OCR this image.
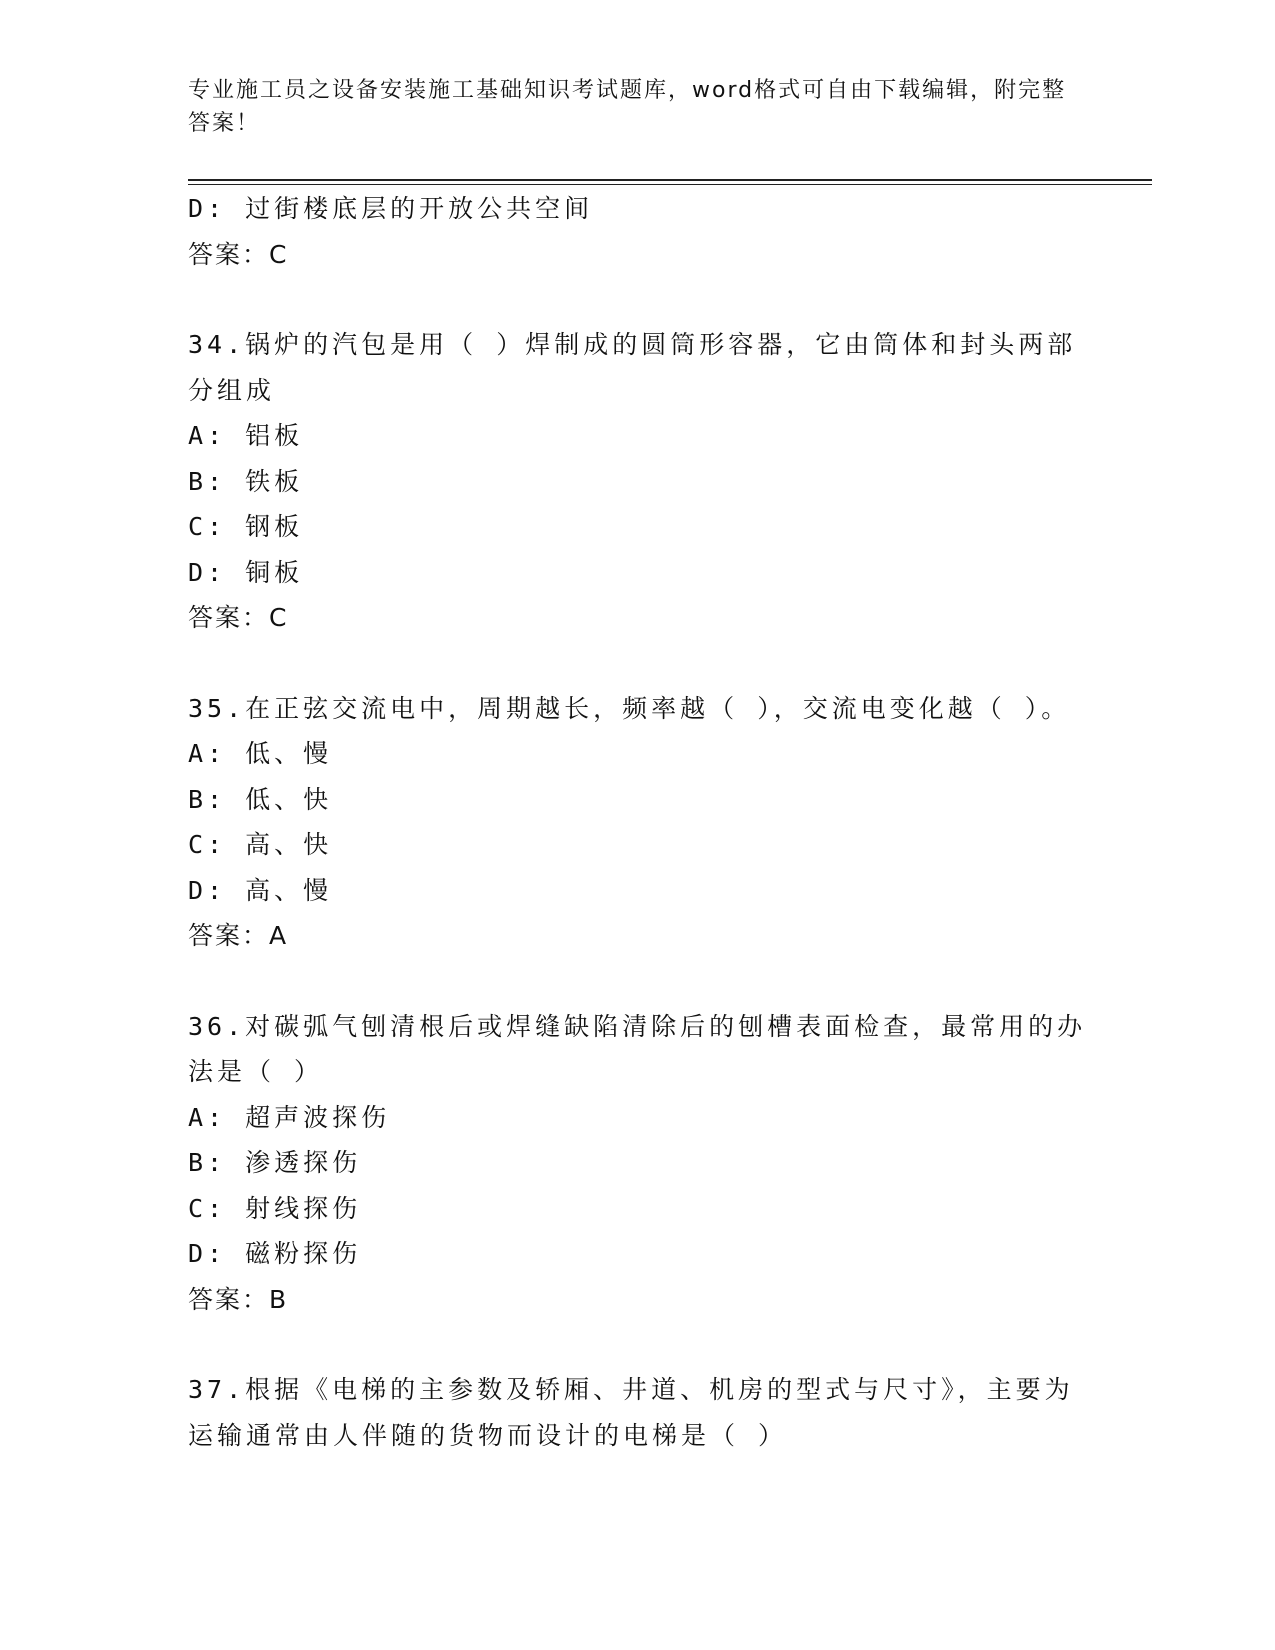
专业施工员之设备安装施工基础知识考试题库，word格式可自由下载编辑，附完整答案！
D: 过街楼底层的开放公共空间
答案：C
34.锅炉的汽包是用（ ）焊制成的圆筒形容器，它由筒体和封头两部
分组成
A: 铝板
B: 铁板
C: 钢板
D: 铜板
答案：C
35.在正弦交流电中，周期越长，频率越（ ），交流电变化越（ ）。
A: 低、慢
B: 低、快
C: 高、快
D: 高、慢
答案：A
36.对碳弧气刨清根后或焊缝缺陷清除后的刨槽表面检查，最常用的办
法是（ ）
A: 超声波探伤
B: 渗透探伤
C: 射线探伤
D: 磁粉探伤
答案：B
37.根据《电梯的主参数及轿厢、井道、机房的型式与尺寸》，主要为
运输通常由人伴随的货物而设计的电梯是（ ）
